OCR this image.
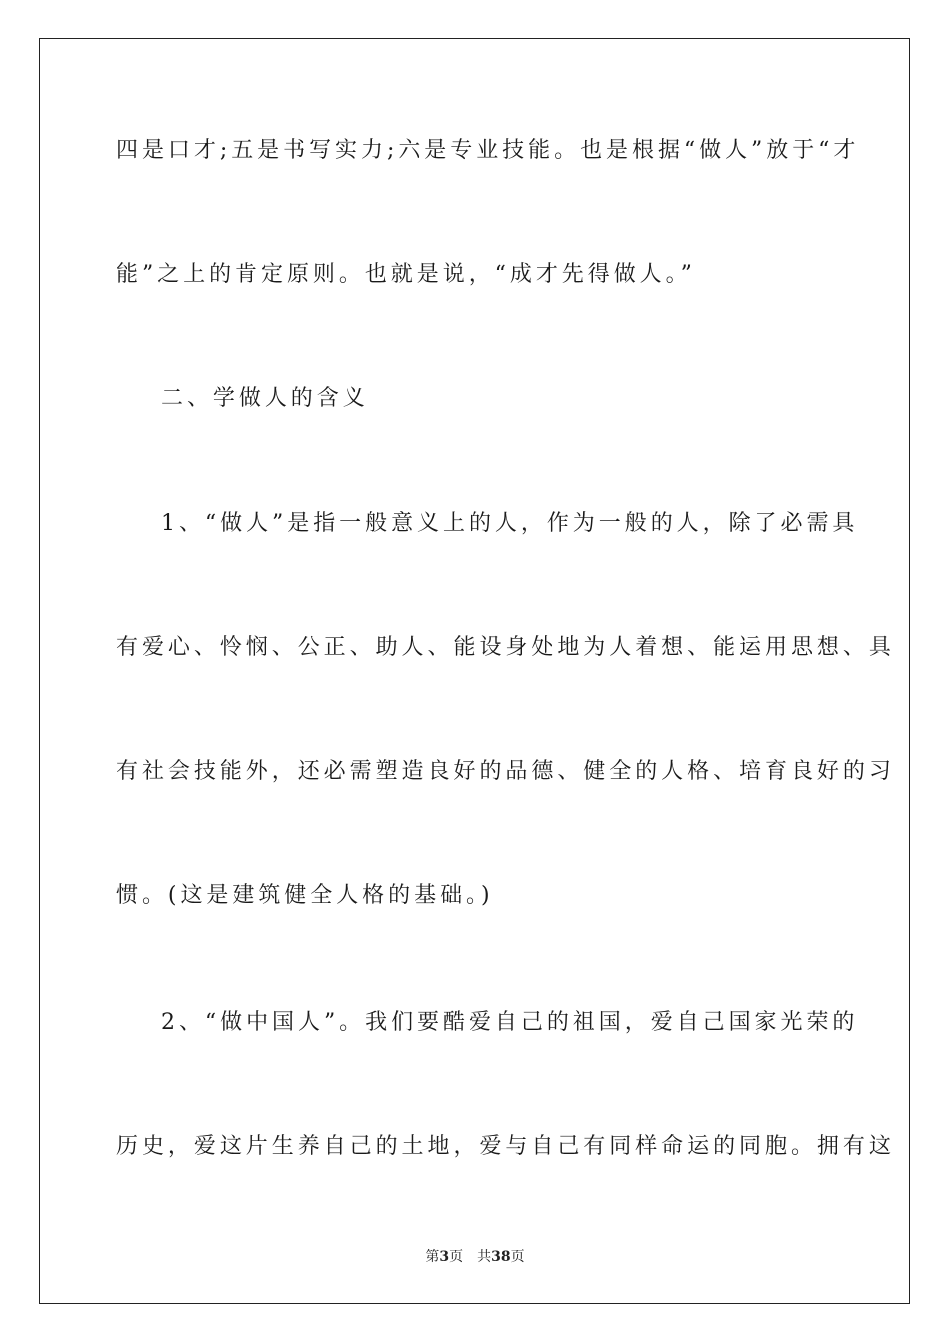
四是口才;五是书写实力;六是专业技能。也是根据“做人”放于“才
能”之上的肯定原则。也就是说，“成才先得做人。”
二、学做人的含义
1、“做人”是指一般意义上的人，作为一般的人，除了必需具
有爱心、怜悯、公正、助人、能设身处地为人着想、能运用思想、具
有社会技能外，还必需塑造良好的品德、健全的人格、培育良好的习
惯。(这是建筑健全人格的基础。)
2、“做中国人”。我们要酷爱自己的祖国，爱自己国家光荣的
历史，爱这片生养自己的土地，爱与自己有同样命运的同胞。拥有这
第3页 共38页
